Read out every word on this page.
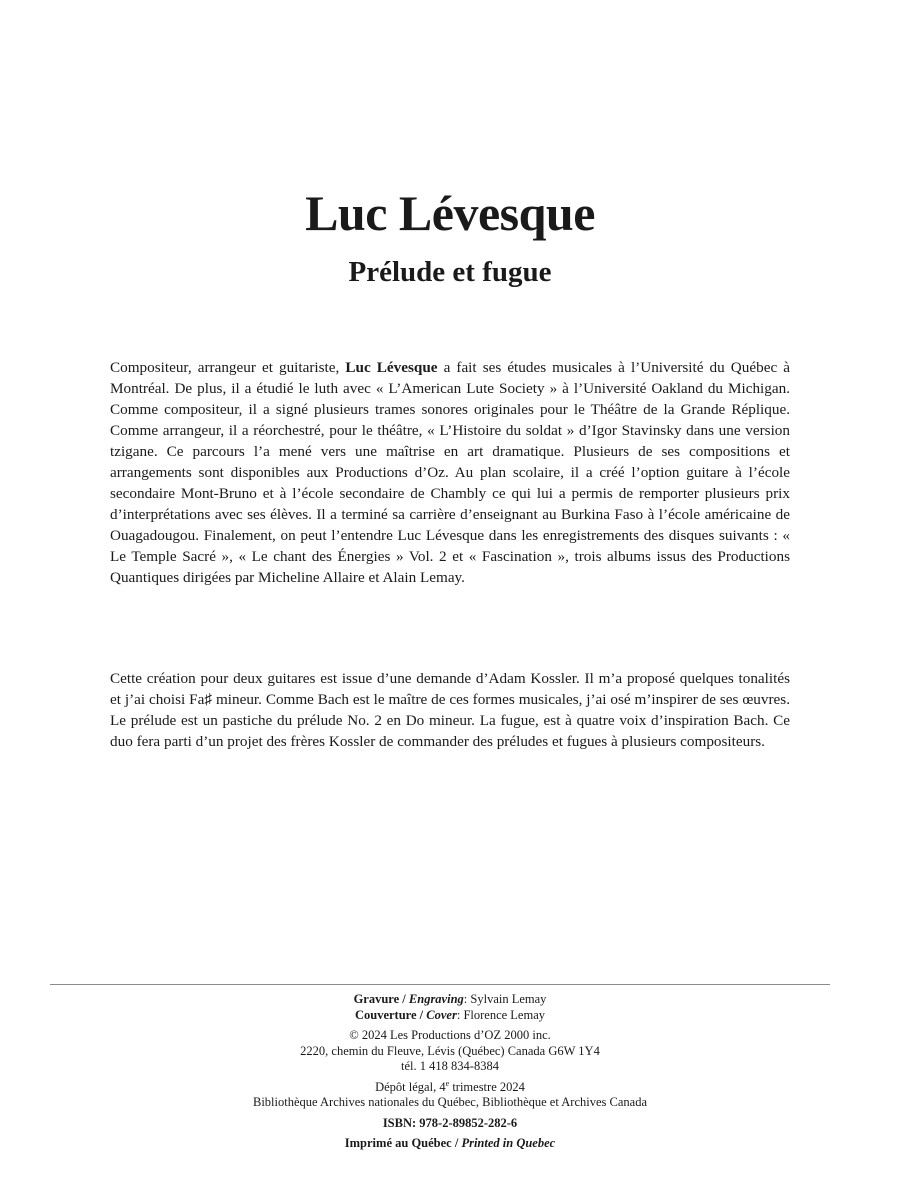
Luc Lévesque
Prélude et fugue
Compositeur, arrangeur et guitariste, Luc Lévesque a fait ses études musicales à l’Université du Québec à Montréal. De plus, il a étudié le luth avec « L’American Lute Society » à l’Université Oakland du Michigan. Comme compositeur, il a signé plusieurs trames sonores originales pour le Théâtre de la Grande Réplique. Comme arrangeur, il a réorchestré, pour le théâtre, « L’Histoire du soldat » d’Igor Stavinsky dans une version tzigane. Ce parcours l’a mené vers une maîtrise en art dramatique. Plusieurs de ses compositions et arrangements sont disponibles aux Productions d’Oz. Au plan scolaire, il a créé l’option guitare à l’école secondaire Mont-Bruno et à l’école secondaire de Chambly ce qui lui a permis de remporter plusieurs prix d’interprétations avec ses élèves. Il a terminé sa carrière d’enseignant au Burkina Faso à l’école américaine de Ouagadougou. Finalement, on peut l’entendre Luc Lévesque dans les enregistrements des disques suivants : « Le Temple Sacré », « Le chant des Énergies » Vol. 2 et « Fascination », trois albums issus des Productions Quantiques dirigées par Micheline Allaire et Alain Lemay.
Cette création pour deux guitares est issue d’une demande d’Adam Kossler. Il m’a proposé quelques tonalités et j’ai choisi Fa♯ mineur. Comme Bach est le maître de ces formes musicales, j’ai osé m’inspirer de ses œuvres. Le prélude est un pastiche du prélude No. 2 en Do mineur. La fugue, est à quatre voix d’inspiration Bach. Ce duo fera parti d’un projet des frères Kossler de commander des préludes et fugues à plusieurs compositeurs.
Gravure / Engraving: Sylvain Lemay
Couverture / Cover: Florence Lemay
© 2024 Les Productions d’OZ 2000 inc.
2220, chemin du Fleuve, Lévis (Québec) Canada G6W 1Y4
tél. 1 418 834-8384
Dépôt légal, 4e trimestre 2024
Bibliothèque Archives nationales du Québec, Bibliothèque et Archives Canada
ISBN: 978-2-89852-282-6
Imprimé au Québec / Printed in Quebec
